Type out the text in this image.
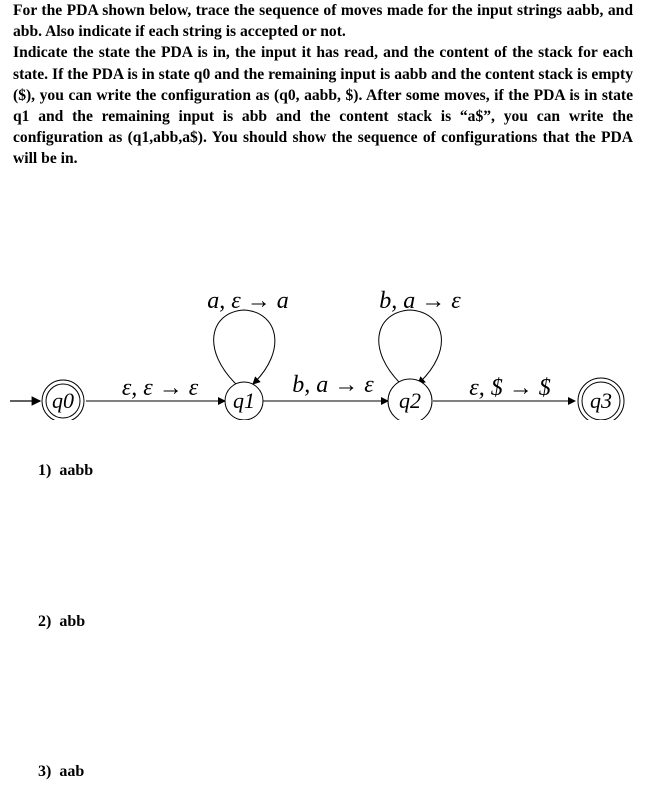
For the PDA shown below, trace the sequence of moves made for the input strings aabb, and abb. Also indicate if each string is accepted or not.

Indicate the state the PDA is in, the input it has read, and the content of the stack for each state. If the PDA is in state q0 and the remaining input is aabb and the content stack is empty ($), you can write the configuration as (q0, aabb, $). After some moves, if the PDA is in state q1 and the remaining input is abb and the content stack is “a$”, you can write the configuration as (q1,abb,a$). You should show the sequence of configurations that the PDA will be in.

q0	q1	q2	q3
ε, ε → ε
a, ε → a
b, a → ε
b, a → ε
ε, $ → $
1) aabb
2) abb
3) aab
